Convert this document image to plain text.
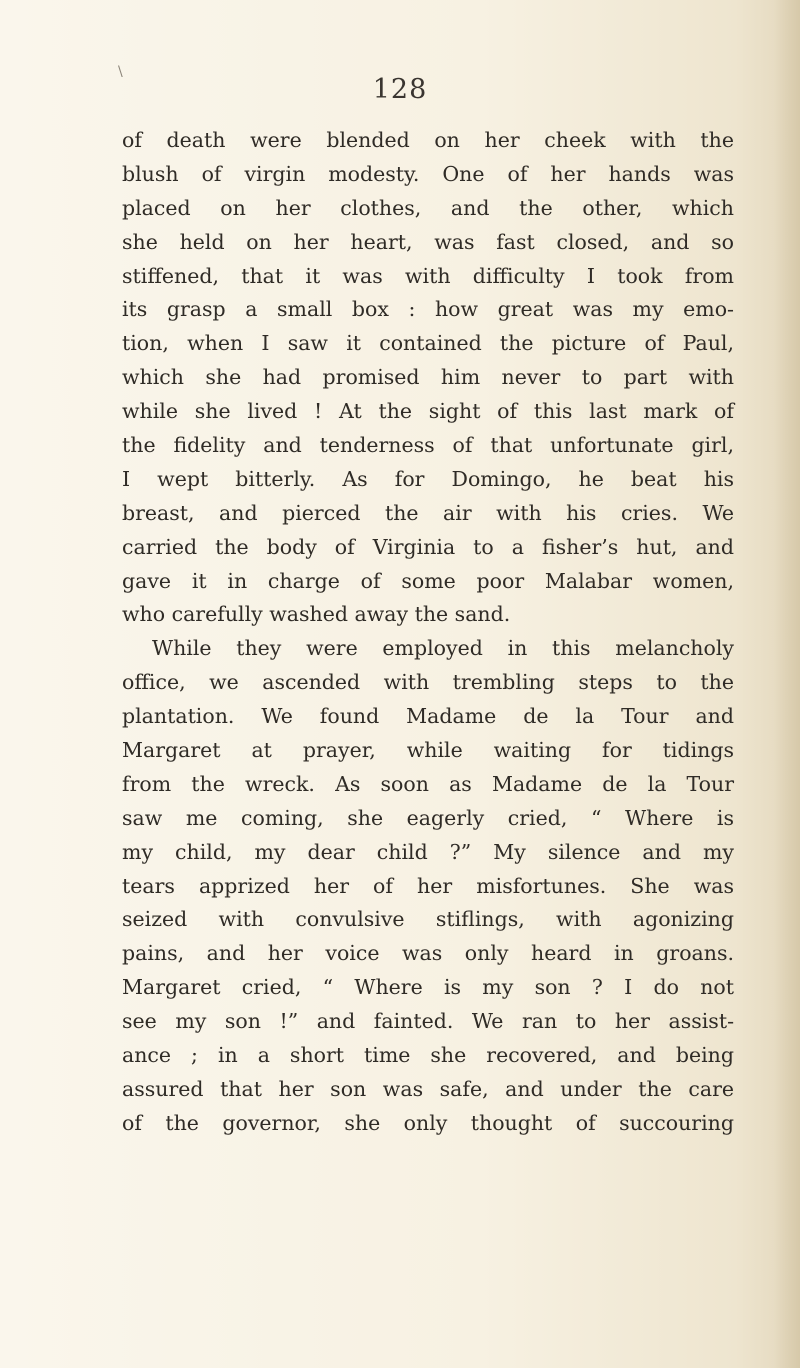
\
128
of death were blended on her cheek with the
blush of virgin modesty. One of her hands was
placed on her clothes, and the other, which
she held on her heart, was fast closed, and so
stiffened, that it was with difficulty I took from
its grasp a small box : how great was my emo-
tion, when I saw it contained the picture of Paul,
which she had promised him never to part with
while she lived ! At the sight of this last mark of
the fidelity and tenderness of that unfortunate girl,
I wept bitterly. As for Domingo, he beat his
breast, and pierced the air with his cries. We
carried the body of Virginia to a fisher’s hut, and
gave it in charge of some poor Malabar women,
who carefully washed away the sand.
While they were employed in this melancholy
office, we ascended with trembling steps to the
plantation. We found Madame de la Tour and
Margaret at prayer, while waiting for tidings
from the wreck. As soon as Madame de la Tour
saw me coming, she eagerly cried, “ Where is
my child, my dear child ?” My silence and my
tears apprized her of her misfortunes. She was
seized with convulsive stiflings, with agonizing
pains, and her voice was only heard in groans.
Margaret cried, “ Where is my son ? I do not
see my son !” and fainted. We ran to her assist-
ance ; in a short time she recovered, and being
assured that her son was safe, and under the care
of the governor, she only thought of succouring
